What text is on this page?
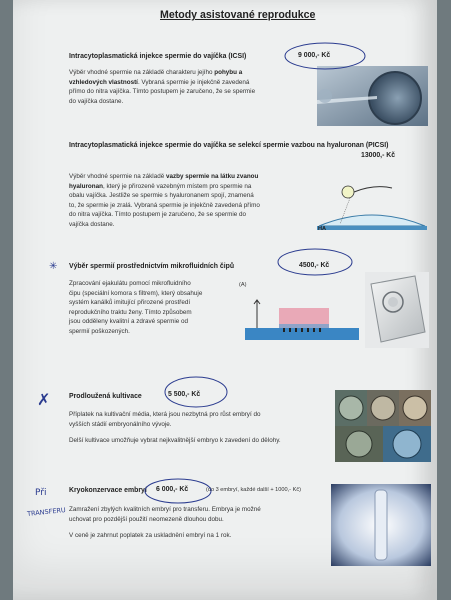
Metody asistované reprodukce
Intracytoplasmatická injekce spermie do vajíčka (ICSI)	9 000,- Kč
Výběr vhodné spermie na základě charakteru jejího pohybu a
vzhledových vlastností. Vybraná spermie je injekčně zavedená
přímo do nitra vajíčka. Tímto postupem je zaručeno, že se spermie
do vajíčka dostane.
Intracytoplasmatická injekce spermie do vajíčka se selekcí spermie vazbou na hyaluronan (PICSI)
13000,- Kč
Výběr vhodné spermie na základě vazby spermie na látku zvanou
hyaluronan, který je přirozeně vazebným místem pro spermie na
obalu vajíčka. Jestliže se spermie s hyaluronanem spojí, znamená
to, že spermie je zralá. Vybraná spermie je injekčně zavedená přímo
do nitra vajíčka. Tímto postupem je zaručeno, že se spermie do
vajíčka dostane.
HA
✳ Výběr spermií prostřednictvím mikrofluidních čipů	4500,- Kč
Zpracování ejakulátu pomocí mikrofluidního
čipu (speciální komora s filtrem), který obsahuje
systém kanálků imitující přirozené prostředí
reprodukčního traktu ženy. Tímto způsobem
jsou odděleny kvalitní a zdravé spermie od
spermií poškozených.
(A)
✗	Prodloužená kultivace	5 500,- Kč
Příplatek na kultivační média, která jsou nezbytná pro růst embryí do
vyšších stádií embryonálního vývoje.
Delší kultivace umožňuje vybrat nejkvalitnější embryo k zavedení do dělohy.
Při
TRANSFERU
Kryokonzervace embryí 6 000,- Kč	(do 3 embryí, každé další + 1000,- Kč)
Zamražení zbylých kvalitních embryí pro transferu. Embrya je možné
uchovat pro pozdější použití neomezeně dlouhou dobu.
V ceně je zahrnut poplatek za uskladnění embryí na 1 rok.
